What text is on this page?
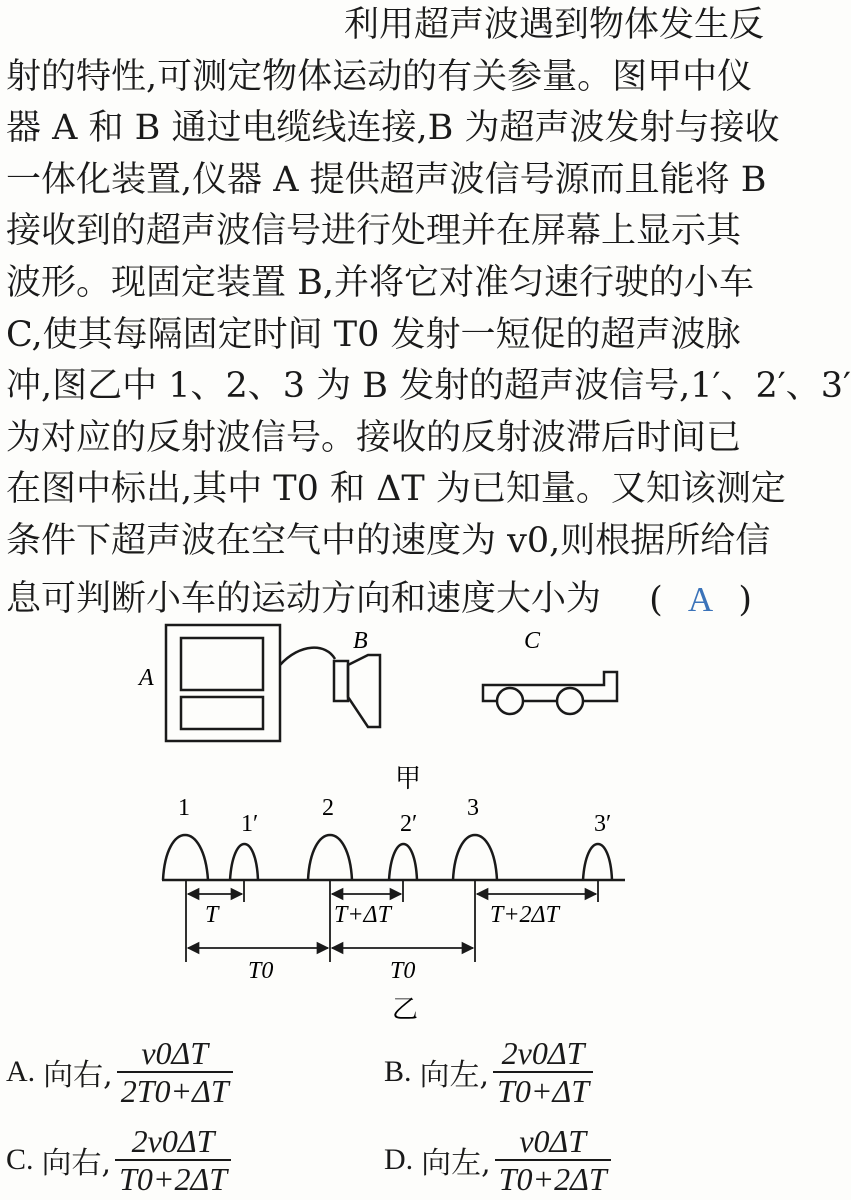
利用超声波遇到物体发生反
射的特性,可测定物体运动的有关参量。图甲中仪
器 A 和 B 通过电缆线连接,B 为超声波发射与接收
一体化装置,仪器 A 提供超声波信号源而且能将 B
接收到的超声波信号进行处理并在屏幕上显示其
波形。现固定装置 B,并将它对准匀速行驶的小车
C,使其每隔固定时间 T0 发射一短促的超声波脉
冲,图乙中 1、2、3 为 B 发射的超声波信号,1′、2′、3′
为对应的反射波信号。接收的反射波滞后时间已
在图中标出,其中 T0 和 ΔT 为已知量。又知该测定
条件下超声波在空气中的速度为 v0,则根据所给信
息可判断小车的运动方向和速度大小为 ( A )
A
B	C
甲
1
1′
2
2′
3
3′
T	T+ΔT	T+2ΔT
T0	T0
乙
A. 向右, $\frac{v0\Delta T}{2T0+\Delta T}$	B. 向左, $\frac{2v0\Delta T}{T0+\Delta T}$
C. 向右, $\frac{2v0\Delta T}{T0+2\Delta T}$	D. 向左, $\frac{v0\Delta T}{T0+2\Delta T}$
